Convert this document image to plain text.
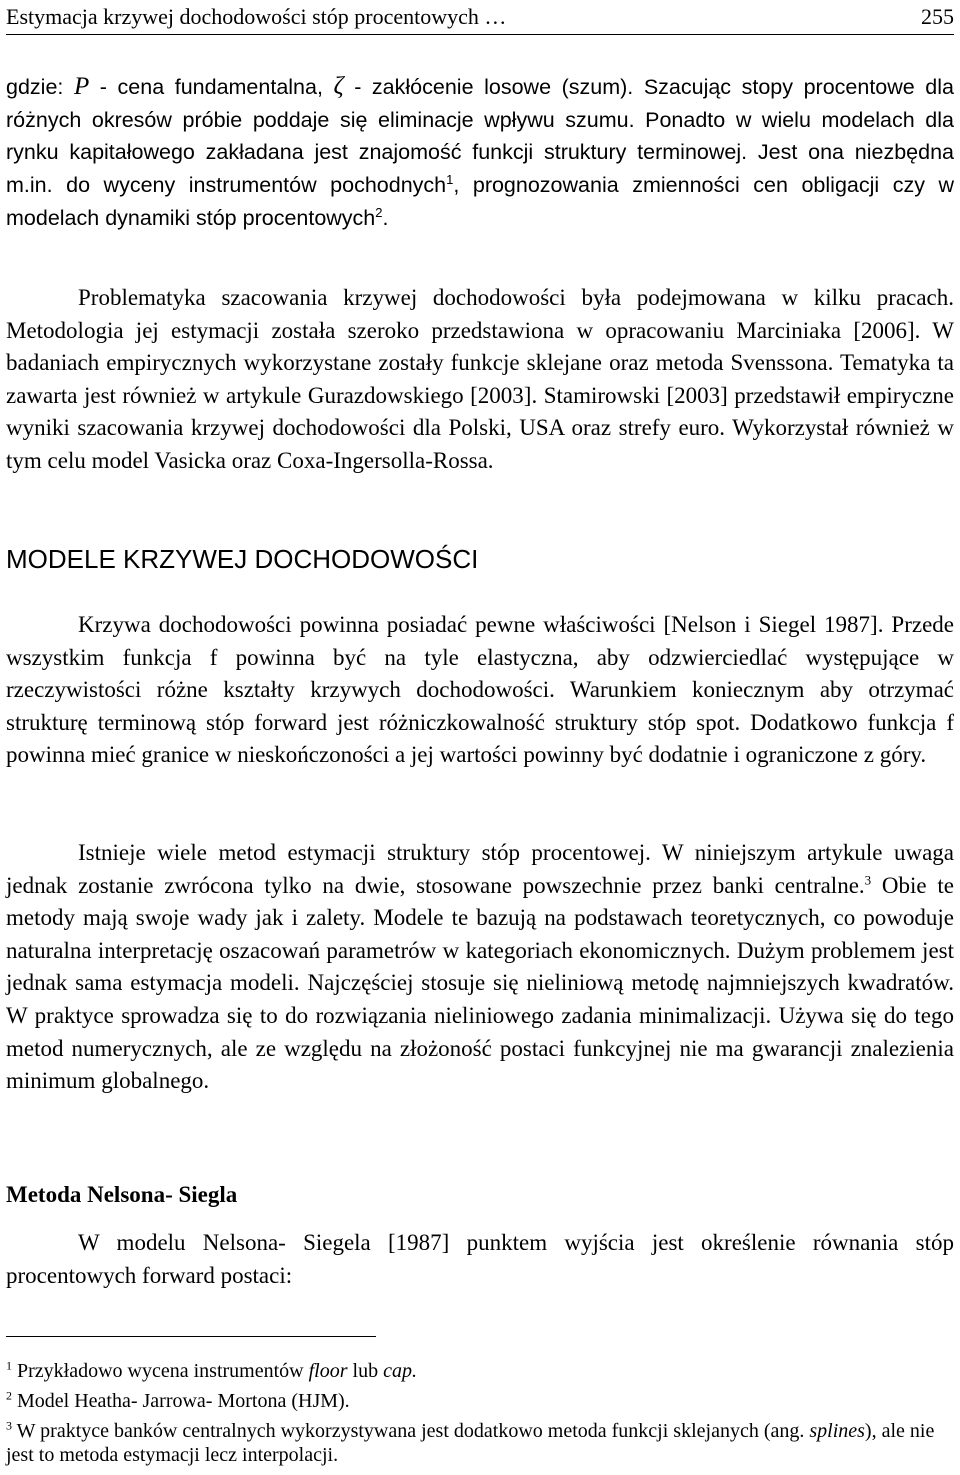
Estymacja krzywej dochodowości stóp procentowych …	255

gdzie: P - cena fundamentalna, ζ - zakłócenie losowe (szum). Szacując stopy procentowe dla różnych okresów próbie poddaje się eliminacje wpływu szumu. Ponadto w wielu modelach dla rynku kapitałowego zakładana jest znajomość funkcji struktury terminowej. Jest ona niezbędna m.in. do wyceny instrumentów pochodnych$^1$, prognozowania zmienności cen obligacji czy w modelach dynamiki stóp procentowych$^2$.

Problematyka szacowania krzywej dochodowości była podejmowana w kilku pracach. Metodologia jej estymacji została szeroko przedstawiona w opracowaniu Marciniaka [2006]. W badaniach empirycznych wykorzystane zostały funkcje sklejane oraz metoda Svenssona. Tematyka ta zawarta jest również w artykule Gurazdowskiego [2003]. Stamirowski [2003] przedstawił empiryczne wyniki szacowania krzywej dochodowości dla Polski, USA oraz strefy euro. Wykorzystał również w tym celu model Vasicka oraz Coxa-Ingersolla-Rossa.

MODELE KRZYWEJ DOCHODOWOŚCI

Krzywa dochodowości powinna posiadać pewne właściwości [Nelson i Siegel 1987]. Przede wszystkim funkcja f powinna być na tyle elastyczna, aby odzwierciedlać występujące w rzeczywistości różne kształty krzywych dochodowości. Warunkiem koniecznym aby otrzymać strukturę terminową stóp forward jest różniczkowalność struktury stóp spot. Dodatkowo funkcja f powinna mieć granice w nieskończoności a jej wartości powinny być dodatnie i ograniczone z góry.

Istnieje wiele metod estymacji struktury stóp procentowej. W niniejszym artykule uwaga jednak zostanie zwrócona tylko na dwie, stosowane powszechnie przez banki centralne.$^3$ Obie te metody mają swoje wady jak i zalety. Modele te bazują na podstawach teoretycznych, co powoduje naturalna interpretację oszacowań parametrów w kategoriach ekonomicznych. Dużym problemem jest jednak sama estymacja modeli. Najczęściej stosuje się nieliniową metodę najmniejszych kwadratów. W praktyce sprowadza się to do rozwiązania nieliniowego zadania minimalizacji. Używa się do tego metod numerycznych, ale ze względu na złożoność postaci funkcyjnej nie ma gwarancji znalezienia minimum globalnego.

Metoda Nelsona- Siegla

W modelu Nelsona- Siegela [1987] punktem wyjścia jest określenie równania stóp procentowych forward postaci:

$^1$ Przykładowo wycena instrumentów floor lub cap.
$^2$ Model Heatha- Jarrowa- Mortona (HJM).
$^3$ W praktyce banków centralnych wykorzystywana jest dodatkowo metoda funkcji sklejanych (ang. splines), ale nie jest to metoda estymacji lecz interpolacji.
